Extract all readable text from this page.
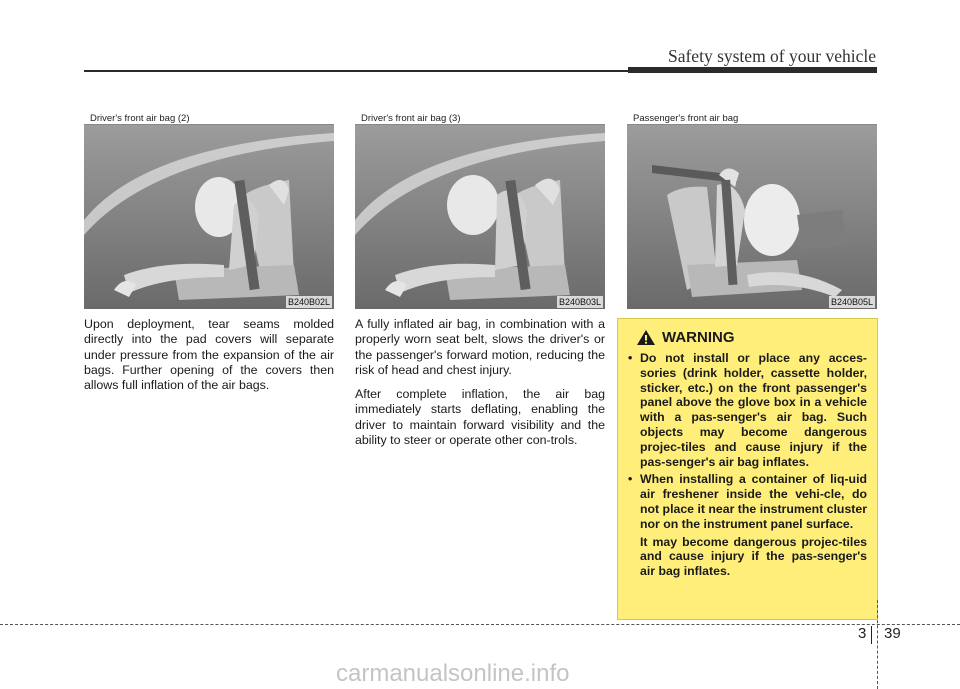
Safety system of your vehicle
Driver's front air bag (2)
B240B02L
Driver's front air bag (3)
B240B03L
Passenger's front air bag
B240B05L

Upon deployment, tear seams molded directly into the pad covers will separate under pressure from the expansion of the air bags. Further opening of the covers then allows full inflation of the air bags.

A fully inflated air bag, in combination with a properly worn seat belt, slows the driver's or the passenger's forward motion, reducing the risk of head and chest injury.

After complete inflation, the air bag immediately starts deflating, enabling the driver to maintain forward visibility and the ability to steer or operate other con-trols.

WARNING
• Do not install or place any acces-sories (drink holder, cassette holder, sticker, etc.) on the front passenger's panel above the glove box in a vehicle with a pas-senger's air bag. Such objects may become dangerous projec-tiles and cause injury if the pas-senger's air bag inflates.
• When installing a container of liq-uid air freshener inside the vehi-cle, do not place it near the instrument cluster nor on the instrument panel surface.
It may become dangerous projec-tiles and cause injury if the pas-senger's air bag inflates.
3 39
carmanualsonline.info
